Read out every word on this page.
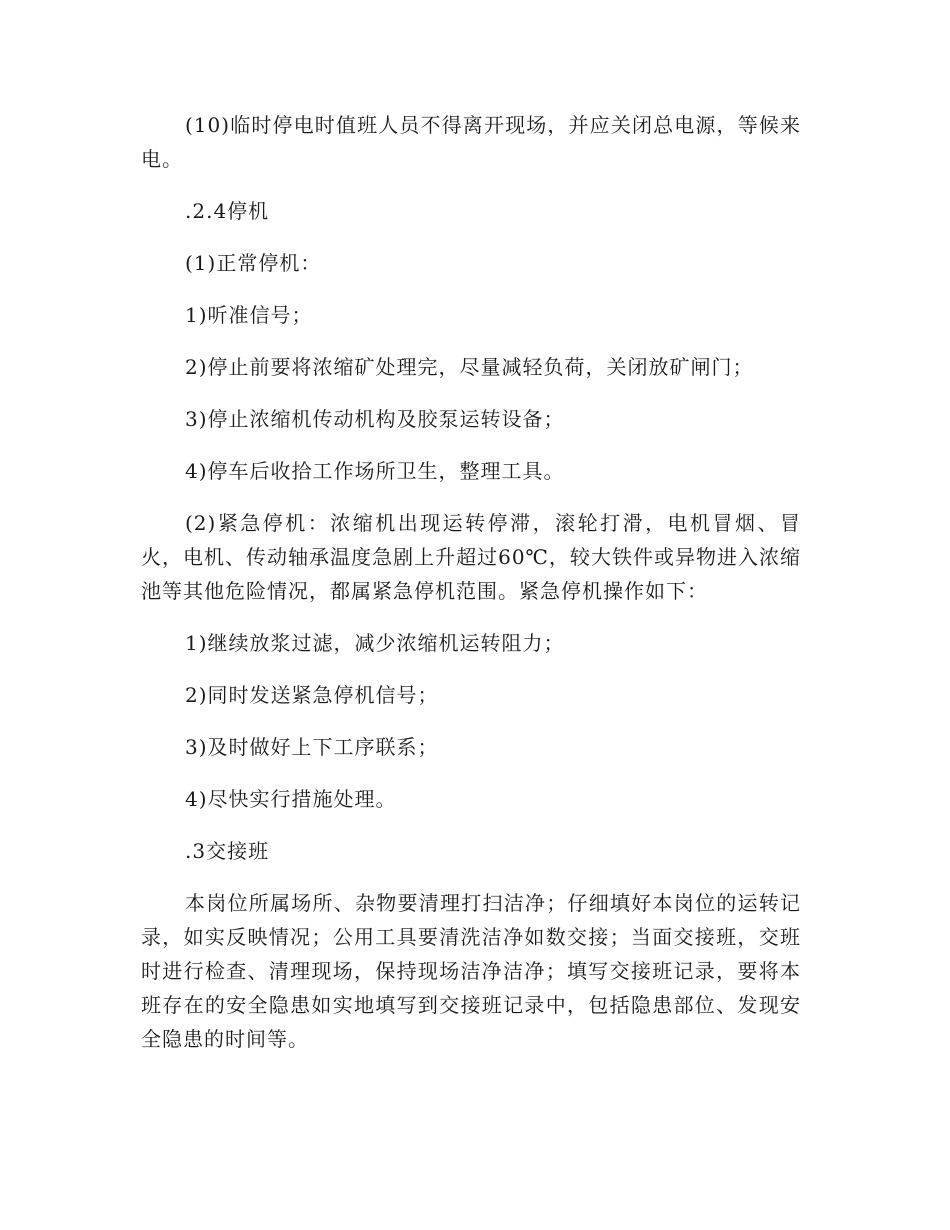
(10)临时停电时值班人员不得离开现场，并应关闭总电源，等候来电。

.2.4停机

(1)正常停机：

1)听准信号；

2)停止前要将浓缩矿处理完，尽量减轻负荷，关闭放矿闸门；

3)停止浓缩机传动机构及胶泵运转设备；

4)停车后收拾工作场所卫生，整理工具。

(2)紧急停机：浓缩机出现运转停滞，滚轮打滑，电机冒烟、冒火，电机、传动轴承温度急剧上升超过60℃，较大铁件或异物进入浓缩池等其他危险情况，都属紧急停机范围。紧急停机操作如下：

1)继续放浆过滤，减少浓缩机运转阻力；

2)同时发送紧急停机信号；

3)及时做好上下工序联系；

4)尽快实行措施处理。

.3交接班

本岗位所属场所、杂物要清理打扫洁净；仔细填好本岗位的运转记录，如实反映情况；公用工具要清洗洁净如数交接；当面交接班，交班时进行检查、清理现场，保持现场洁净洁净；填写交接班记录，要将本班存在的安全隐患如实地填写到交接班记录中，包括隐患部位、发现安全隐患的时间等。
